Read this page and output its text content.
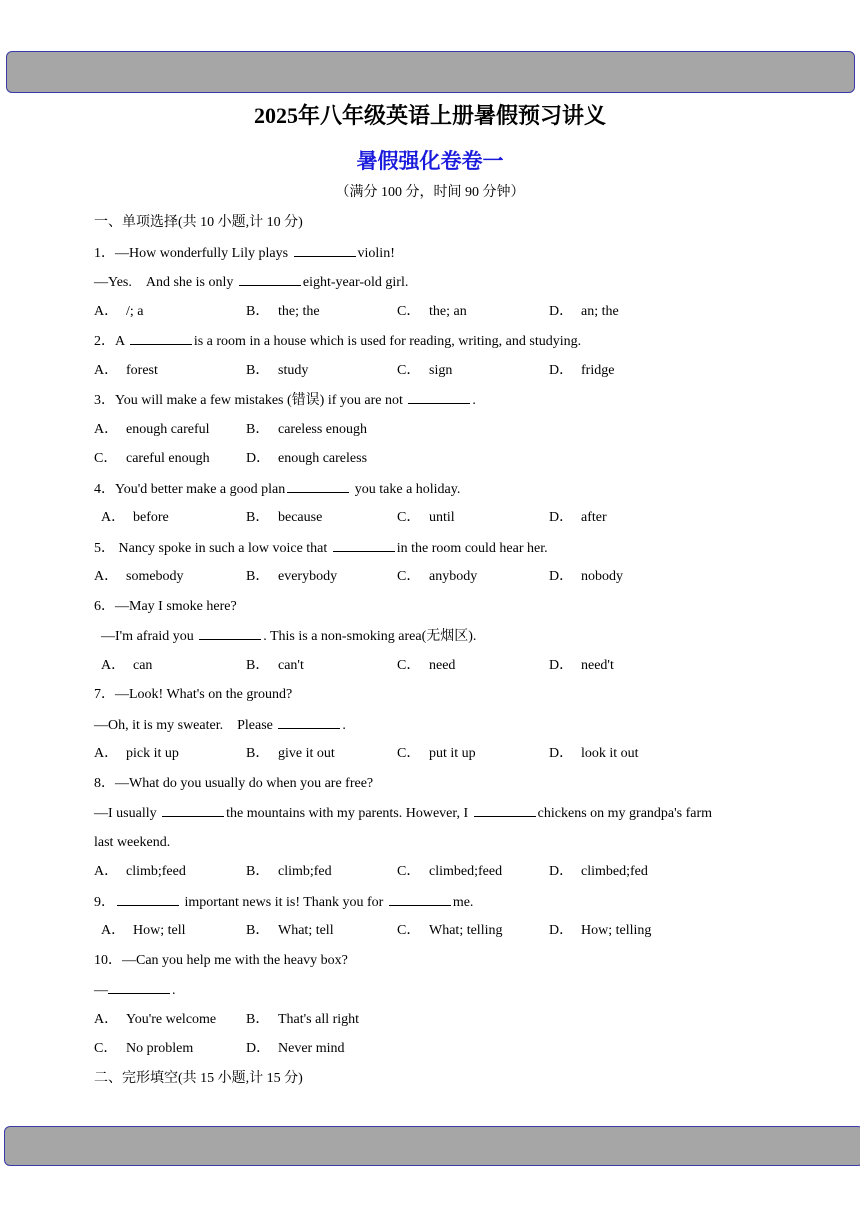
2025年八年级英语上册暑假预习讲义
暑假强化卷卷一
（满分 100 分，时间 90 分钟）
一、单项选择(共 10 小题,计 10 分)
1．—How wonderfully Lily plays	violin!
—Yes.　And she is only	eight-year-old girl.
A． /; a	B． the; the	C． the; an	D． an; the
2．A	is a room in a house which is used for reading, writing, and studying.
A． forest	B． study	C． sign	D． fridge
3．You will make a few mistakes (错误) if you are not	.
A． enough careful	B． careless enough
C． careful enough	D． enough careless
4．You'd better make a good plan	you take a holiday.
A． before	B． because	C． until	D． after
5． Nancy spoke in such a low voice that	in the room could hear her.
A． somebody	B． everybody	C． anybody	D． nobody
6．—May I smoke here?
—I'm afraid you	. This is a non-smoking area(无烟区).
A． can	B． can't	C． need	D． need't
7．—Look! What's on the ground?
—Oh, it is my sweater.　Please	.
A． pick it up	B． give it out	C． put it up	D． look it out
8．—What do you usually do when you are free?
—I usually	the mountains with my parents. However, I	chickens on my grandpa's farm
last weekend.
A． climb;feed	B． climb;fed	C． climbed;feed	D． climbed;fed
9．	important news it is! Thank you for	me.
A． How; tell	B． What; tell	C． What; telling	D． How; telling
10．—Can you help me with the heavy box?
—	.
A． You're welcome B． That's all right
C． No problem	D． Never mind
二、完形填空(共 15 小题,计 15 分)
